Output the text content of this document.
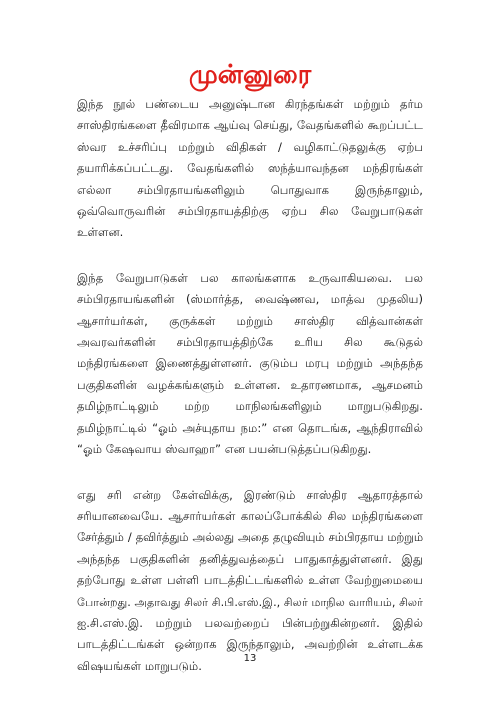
முன்னுரை

இந்த நூல் பண்டைய அனுஷ்டான கிரந்தங்கள் மற்றும் தர்ம
சாஸ்திரங்களை தீவிரமாக ஆய்வு செய்து, வேதங்களில் கூறப்பட்ட
ஸ்வர உச்சரிப்பு மற்றும் விதிகள் / வழிகாட்டுதலுக்கு ஏற்ப
தயாரிக்கப்பட்டது. வேதங்களில் ஸந்த்யாவந்தன மந்திரங்கள்
எல்லா சம்பிரதாயங்களிலும் பொதுவாக இருந்தாலும்,
ஒவ்வொருவரின் சம்பிரதாயத்திற்கு ஏற்ப சில வேறுபாடுகள்
உள்ளன.

இந்த வேறுபாடுகள் பல காலங்களாக உருவாகியவை. பல
சம்பிரதாயங்களின் (ஸ்மார்த்த, வைஷ்ணவ, மாத்வ முதலிய)
ஆசார்யர்கள், குருக்கள் மற்றும் சாஸ்திர வித்வான்கள்
அவரவர்களின் சம்பிரதாயத்திற்கே உரிய சில கூடுதல்
மந்திரங்களை இணைத்துள்ளனர். குடும்ப மரபு மற்றும் அந்தந்த
பகுதிகளின் வழக்கங்களும் உள்ளன. உதாரணமாக, ஆசமனம்
தமிழ்நாட்டிலும் மற்ற மாநிலங்களிலும் மாறுபடுகிறது.
தமிழ்நாட்டில் “ஓம் அச்யுதாய நம:” என தொடங்க, ஆந்திராவில்
“ஓம் கேஷவாய ஸ்வாஹா” என பயன்படுத்தப்படுகிறது.

எது சரி என்ற கேள்விக்கு, இரண்டும் சாஸ்திர ஆதாரத்தால்
சரியானவையே. ஆசார்யர்கள் காலப்போக்கில் சில மந்திரங்களை
சேர்த்தும் / தவிர்த்தும் அல்லது அதை தழுவியும் சம்பிரதாய மற்றும்
அந்தந்த பகுதிகளின் தனித்துவத்தைப் பாதுகாத்துள்ளனர். இது
தற்போது உள்ள பள்ளி பாடத்திட்டங்களில் உள்ள வேற்றுமையை
போன்றது. அதாவது சிலர் சி.பி.எஸ்.இ., சிலர் மாநில வாரியம், சிலர்
ஐ.சி.எஸ்.இ. மற்றும் பலவற்றைப் பின்பற்றுகின்றனர். இதில்
பாடத்திட்டங்கள் ஒன்றாக இருந்தாலும், அவற்றின் உள்ளடக்க
விஷயங்கள் மாறுபடும்.

13
